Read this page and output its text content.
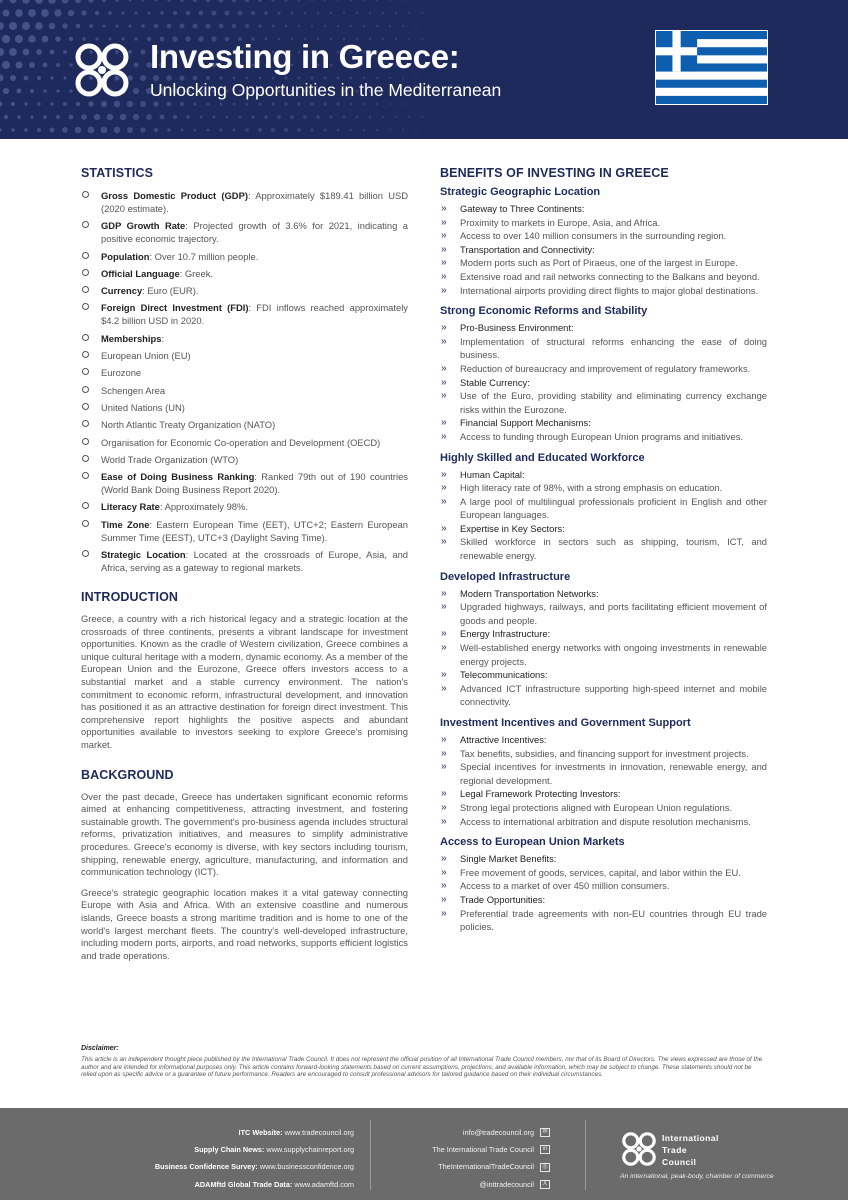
Investing in Greece:
Unlocking Opportunities in the Mediterranean
STATISTICS
Gross Domestic Product (GDP): Approximately $189.41 billion USD (2020 estimate).
GDP Growth Rate: Projected growth of 3.6% for 2021, indicating a positive economic trajectory.
Population: Over 10.7 million people.
Official Language: Greek.
Currency: Euro (EUR).
Foreign Direct Investment (FDI): FDI inflows reached approximately $4.2 billion USD in 2020.
Memberships:
European Union (EU)
Eurozone
Schengen Area
United Nations (UN)
North Atlantic Treaty Organization (NATO)
Organisation for Economic Co-operation and Development (OECD)
World Trade Organization (WTO)
Ease of Doing Business Ranking: Ranked 79th out of 190 countries (World Bank Doing Business Report 2020).
Literacy Rate: Approximately 98%.
Time Zone: Eastern European Time (EET), UTC+2; Eastern European Summer Time (EEST), UTC+3 (Daylight Saving Time).
Strategic Location: Located at the crossroads of Europe, Asia, and Africa, serving as a gateway to regional markets.
INTRODUCTION

Greece, a country with a rich historical legacy and a strategic location at the crossroads of three continents, presents a vibrant landscape for investment opportunities. Known as the cradle of Western civilization, Greece combines a unique cultural heritage with a modern, dynamic economy. As a member of the European Union and the Eurozone, Greece offers investors access to a substantial market and a stable currency environment. The nation's commitment to economic reform, infrastructural development, and innovation has positioned it as an attractive destination for foreign direct investment. This comprehensive report highlights the positive aspects and abundant opportunities available to investors seeking to explore Greece's promising market.

BACKGROUND

Over the past decade, Greece has undertaken significant economic reforms aimed at enhancing competitiveness, attracting investment, and fostering sustainable growth. The government's pro-business agenda includes structural reforms, privatization initiatives, and measures to simplify administrative procedures. Greece's economy is diverse, with key sectors including tourism, shipping, renewable energy, agriculture, manufacturing, and information and communication technology (ICT).

Greece's strategic geographic location makes it a vital gateway connecting Europe with Asia and Africa. With an extensive coastline and numerous islands, Greece boasts a strong maritime tradition and is home to one of the world's largest merchant fleets. The country's well-developed infrastructure, including modern ports, airports, and road networks, supports efficient logistics and trade operations.

BENEFITS OF INVESTING IN GREECE
Strategic Geographic Location
» Gateway to Three Continents:
» Proximity to markets in Europe, Asia, and Africa.
» Access to over 140 million consumers in the surrounding region.
» Transportation and Connectivity:
» Modern ports such as Port of Piraeus, one of the largest in Europe.
» Extensive road and rail networks connecting to the Balkans and beyond.
» International airports providing direct flights to major global destinations.
Strong Economic Reforms and Stability
» Pro-Business Environment:
» Implementation of structural reforms enhancing the ease of doing business.
» Reduction of bureaucracy and improvement of regulatory frameworks.
» Stable Currency:
» Use of the Euro, providing stability and eliminating currency exchange risks within the Eurozone.
» Financial Support Mechanisms:
» Access to funding through European Union programs and initiatives.
Highly Skilled and Educated Workforce
» Human Capital:
» High literacy rate of 98%, with a strong emphasis on education.
» A large pool of multilingual professionals proficient in English and other European languages.
» Expertise in Key Sectors:
» Skilled workforce in sectors such as shipping, tourism, ICT, and renewable energy.
Developed Infrastructure
» Modern Transportation Networks:
» Upgraded highways, railways, and ports facilitating efficient movement of goods and people.
» Energy Infrastructure:
» Well-established energy networks with ongoing investments in renewable energy projects.
» Telecommunications:
» Advanced ICT infrastructure supporting high-speed internet and mobile connectivity.
Investment Incentives and Government Support
» Attractive Incentives:
» Tax benefits, subsidies, and financing support for investment projects.
» Special incentives for investments in innovation, renewable energy, and regional development.
» Legal Framework Protecting Investors:
» Strong legal protections aligned with European Union regulations.
» Access to international arbitration and dispute resolution mechanisms.
Access to European Union Markets
» Single Market Benefits:
» Free movement of goods, services, capital, and labor within the EU.
» Access to a market of over 450 million consumers.
» Trade Opportunities:
» Preferential trade agreements with non-EU countries through EU trade policies.
Disclaimer:
This article is an independent thought piece published by the International Trade Council. It does not represent the official position of all International Trade Council members, nor that of its Board of Directors. The views expressed are those of the author and are intended for informational purposes only. This article contains forward-looking statements based on current assumptions, projections, and available information, which may be subject to change. These statements should not be relied upon as specific advice or a guarantee of future performance. Readers are encouraged to consult professional advisors for tailored guidance based on their individual circumstances.
ITC Website: www.tradecouncil.org
Supply Chain News: www.supplychainreport.org
Business Confidence Survey: www.businessconfidence.org
ADAMftd Global Trade Data: www.adamftd.com
info@tradecouncil.org	✉
The International Trade Council	in
TheInternationalTradeCouncil	◎
@inttradecouncil	X
International
Trade
Council
An international, peak-body, chamber of commerce
